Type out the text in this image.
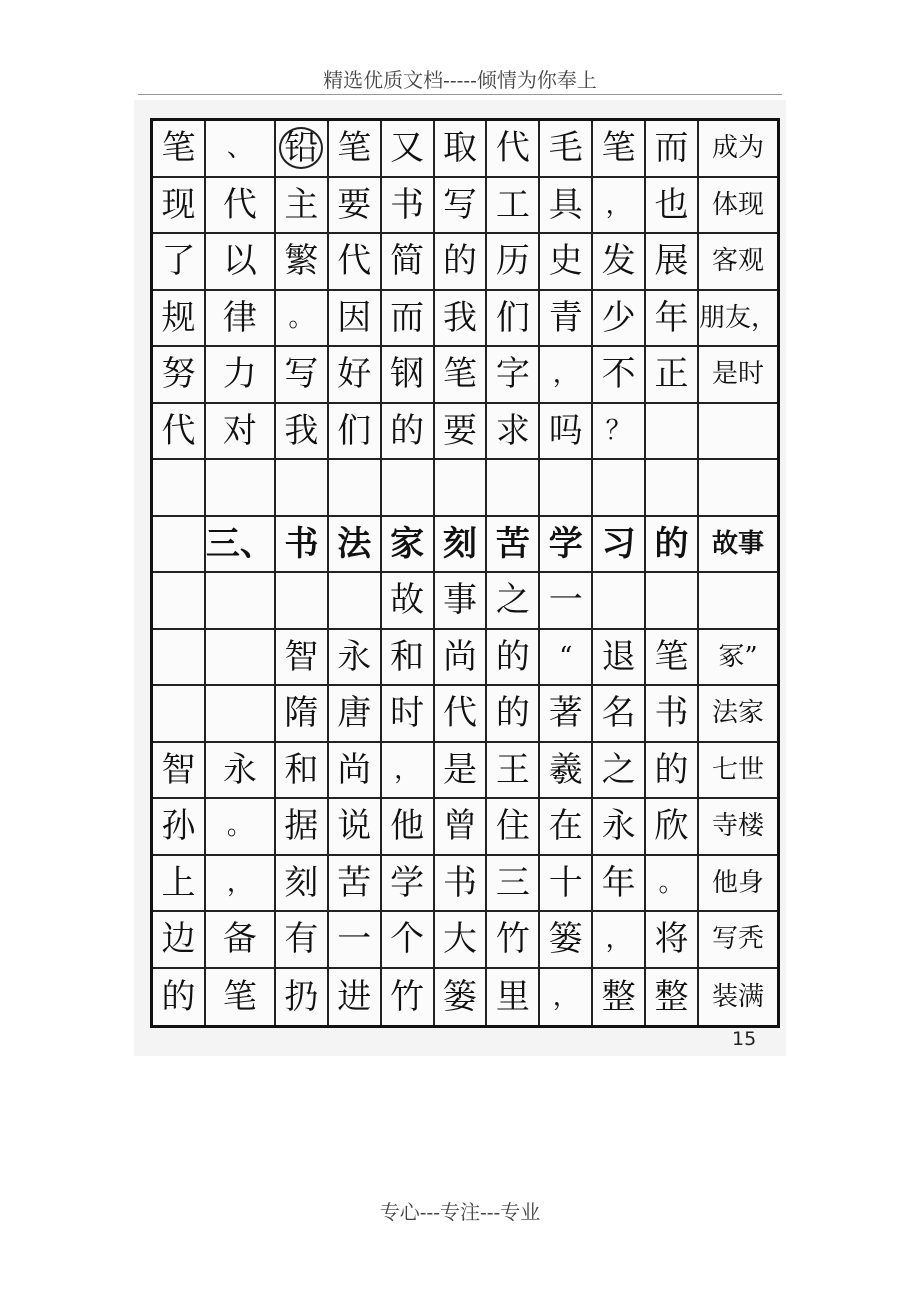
精选优质文档-----倾情为你奉上
笔 、 铅 笔 又 取 代 毛 笔 而 成 为
现 代 主 要 书 写 工 具 ， 也 体 现
了 以 繁 代 简 的 历 史 发 展 客 观
规 律 。 因 而 我 们 青 少 年 朋 友，
努 力 写 好 钢 笔 字 ， 不 正 是 时
代 对 我 们 的 要 求 吗 ？
三、 书 法 家 刻 苦 学 习 的 故 事
故 事 之 一
智 永 和 尚 的 “ 退 笔 冢 ”
隋 唐 时 代 的 著 名 书 法 家
智 永 和 尚 ， 是 王 羲 之 的 七 世
孙 。 据 说 他 曾 住 在 永 欣 寺 楼
上 ， 刻 苦 学 书 三 十 年 。 他 身
边 备 有 一 个 大 竹 篓 ， 将 写 秃
的 笔 扔 进 竹 篓 里 ， 整 整 装 满
15
专心---专注---专业
